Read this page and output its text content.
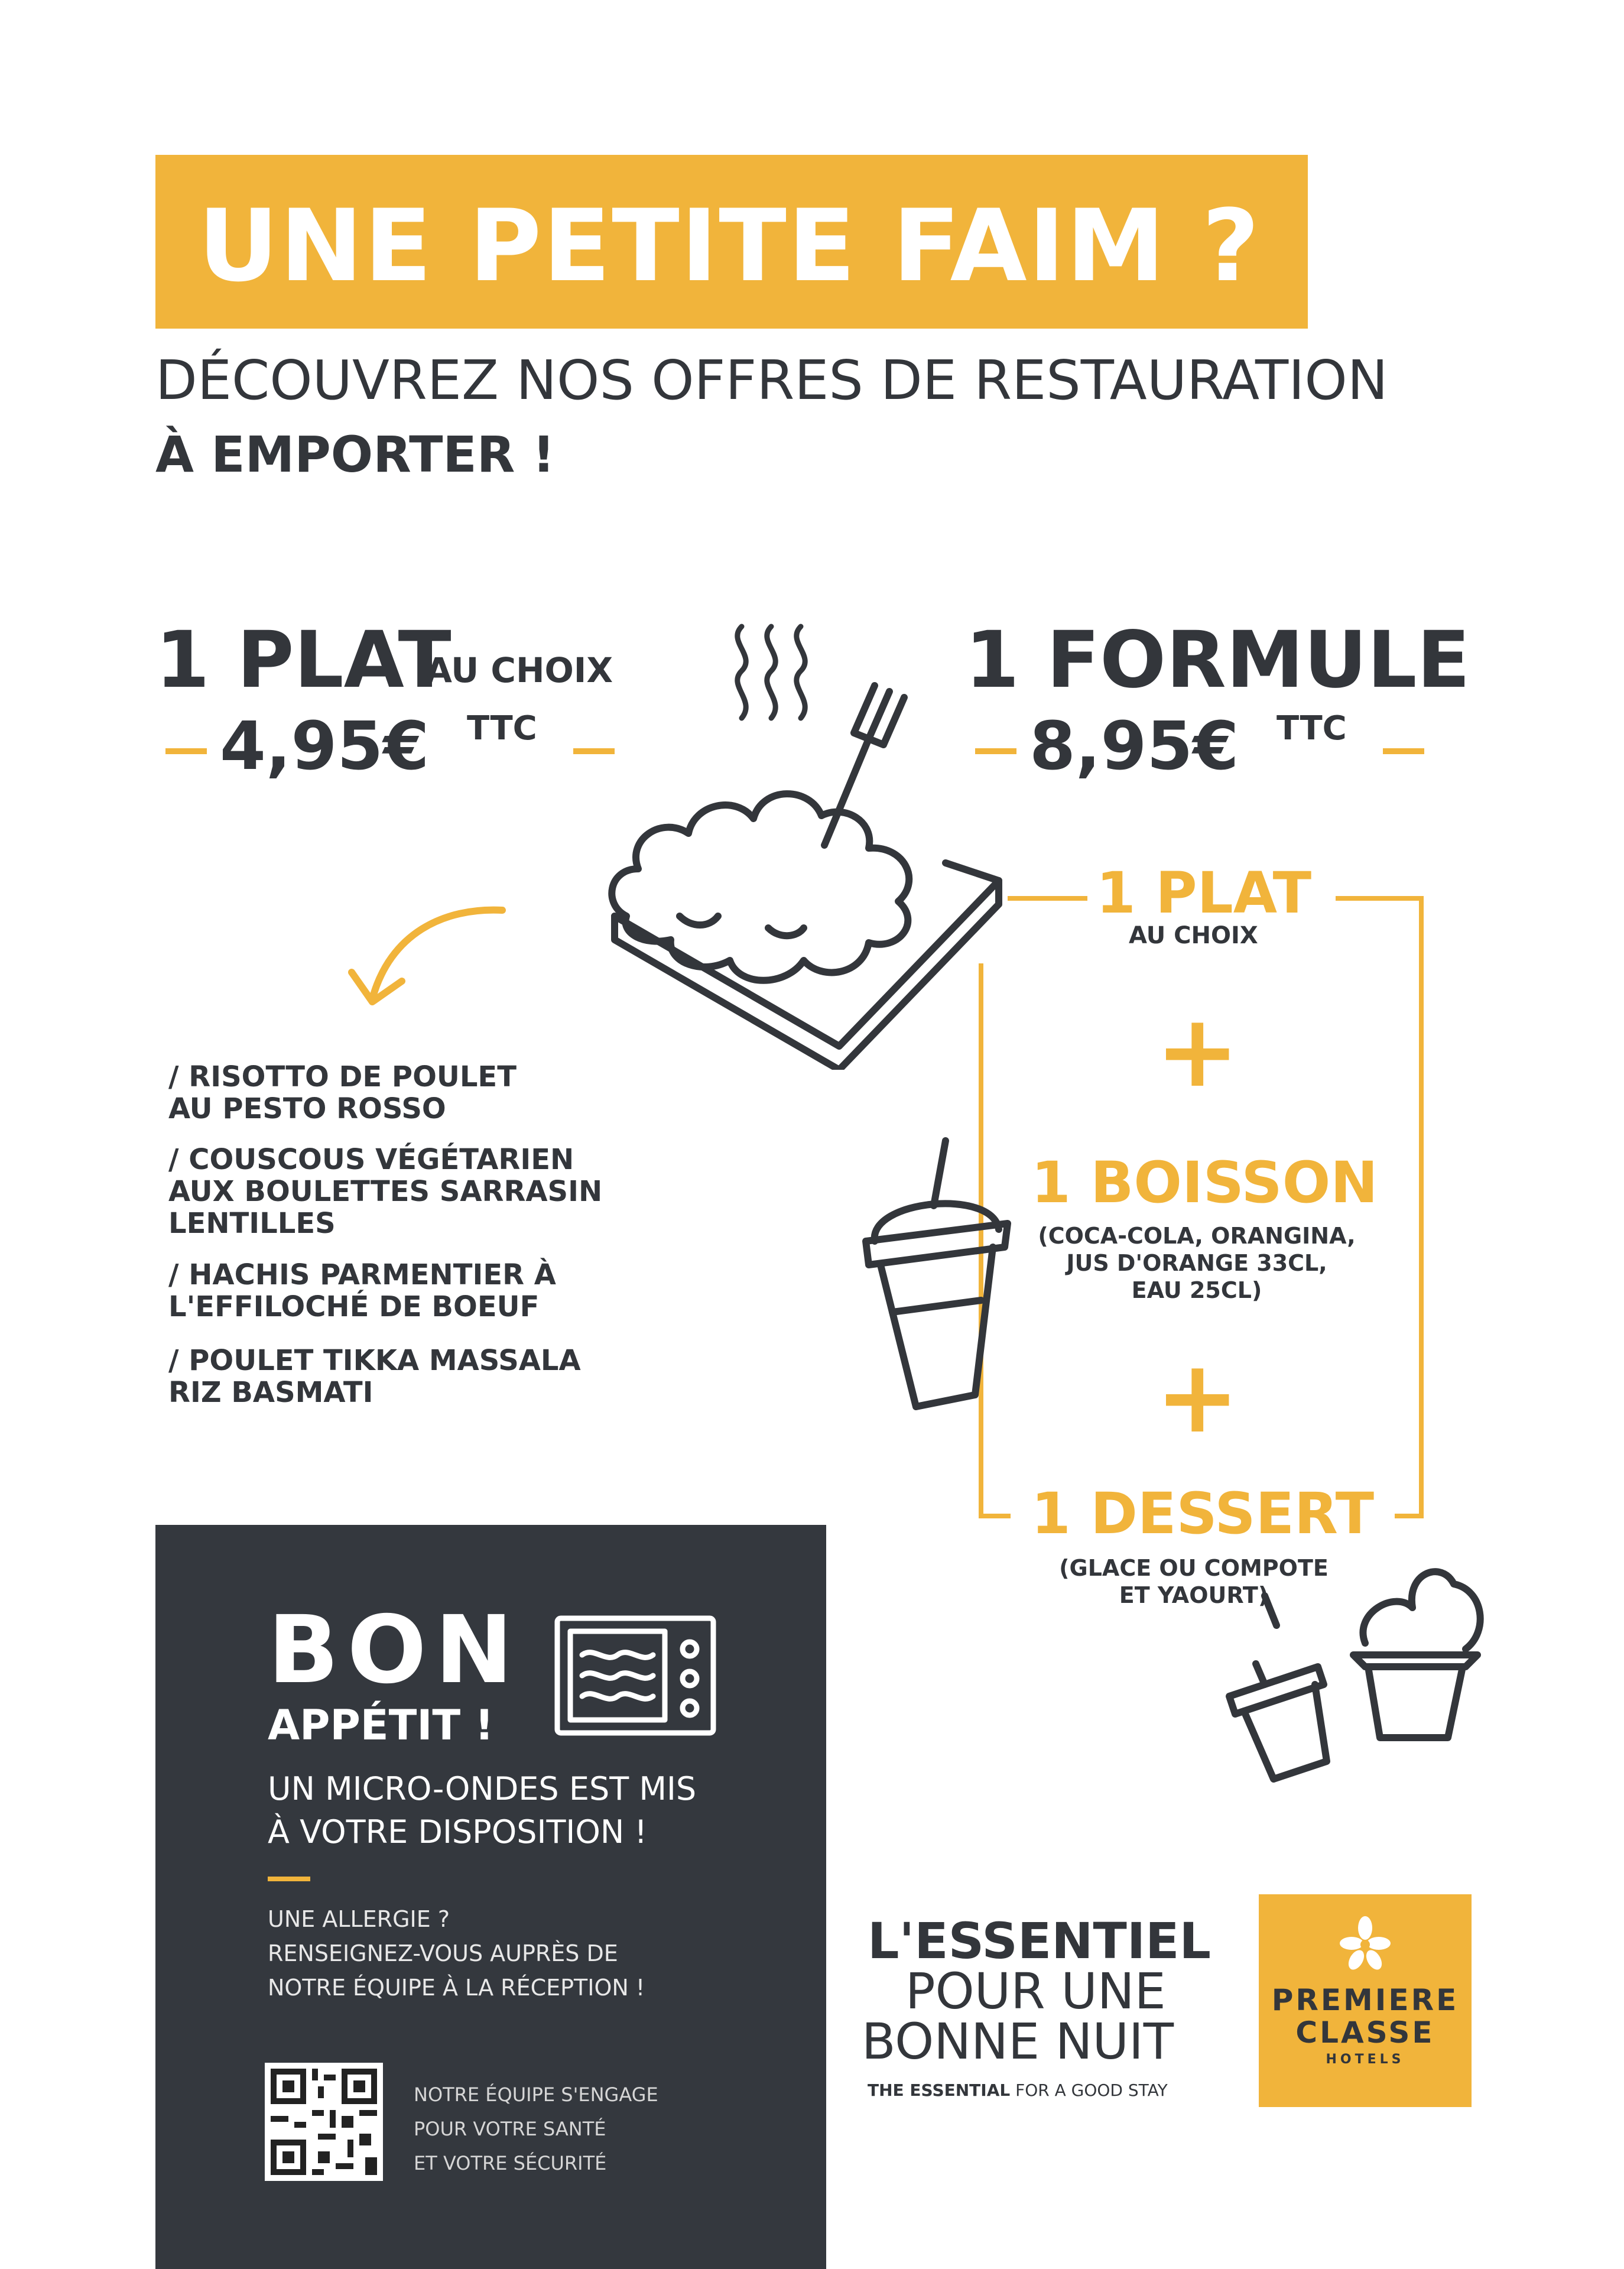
UNE PETITE FAIM ?
DÉCOUVREZ NOS OFFRES DE RESTAURATION
À EMPORTER !
1 PLAT
AU CHOIX
4,95€ TTC
/ RISOTTO DE POULET
AU PESTO ROSSO
/ COUSCOUS VÉGÉTARIEN
AUX BOULETTES SARRASIN
LENTILLES
/ HACHIS PARMENTIER À
L'EFFILOCHÉ DE BOEUF
/ POULET TIKKA MASSALA
RIZ BASMATI
1 FORMULE
8,95€ TTC
1 PLAT
AU CHOIX
+
1 BOISSON
(COCA-COLA, ORANGINA,
JUS D'ORANGE 33CL,
EAU 25CL)
+
1 DESSERT
(GLACE OU COMPOTE
ET YAOURT)
BON
APPÉTIT !
UN MICRO-ONDES EST MIS
À VOTRE DISPOSITION !
UNE ALLERGIE ?
RENSEIGNEZ-VOUS AUPRÈS DE
NOTRE ÉQUIPE À LA RÉCEPTION !
NOTRE ÉQUIPE S'ENGAGE
POUR VOTRE SANTÉ
ET VOTRE SÉCURITÉ
L'ESSENTIEL
POUR UNE
BONNE NUIT
THE ESSENTIAL FOR A GOOD STAY
PREMIERE
CLASSE
HOTELS
